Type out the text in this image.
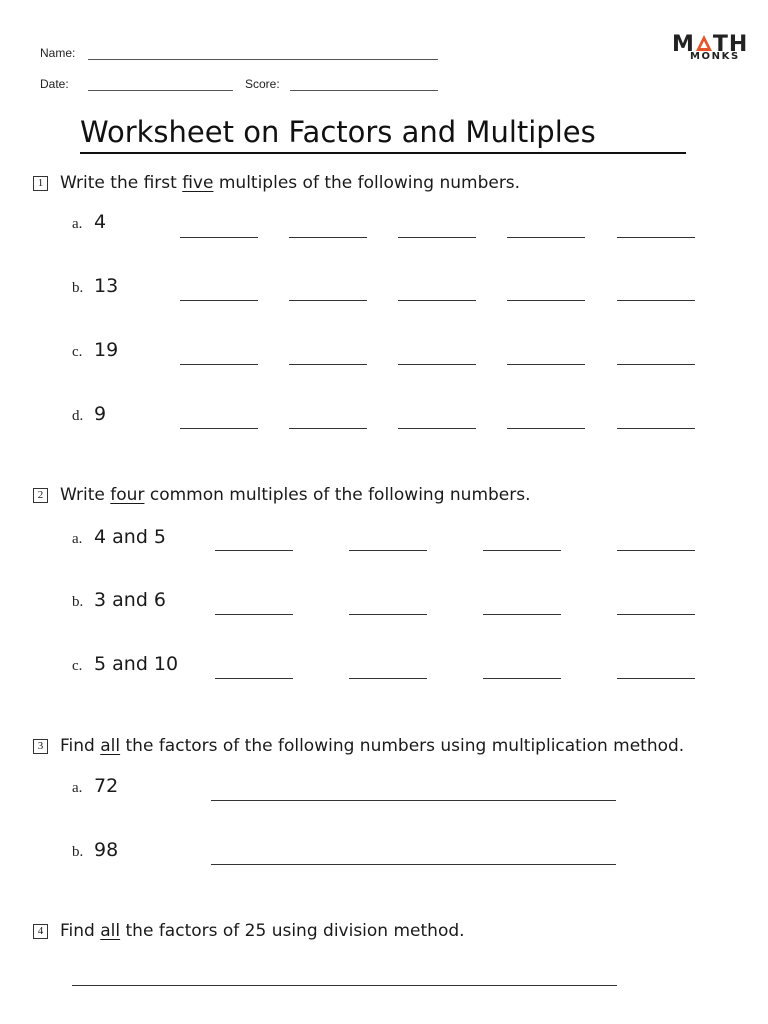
Name:
Date:	Score:
M TH
MONKS
Worksheet on Factors and Multiples
1 Write the first five multiples of the following numbers.
a. 4
b. 13
c. 19
d. 9
2 Write four common multiples of the following numbers.
a. 4 and 5
b. 3 and 6
c. 5 and 10
3 Find all the factors of the following numbers using multiplication method.
a. 72
b. 98
4 Find all the factors of 25 using division method.
